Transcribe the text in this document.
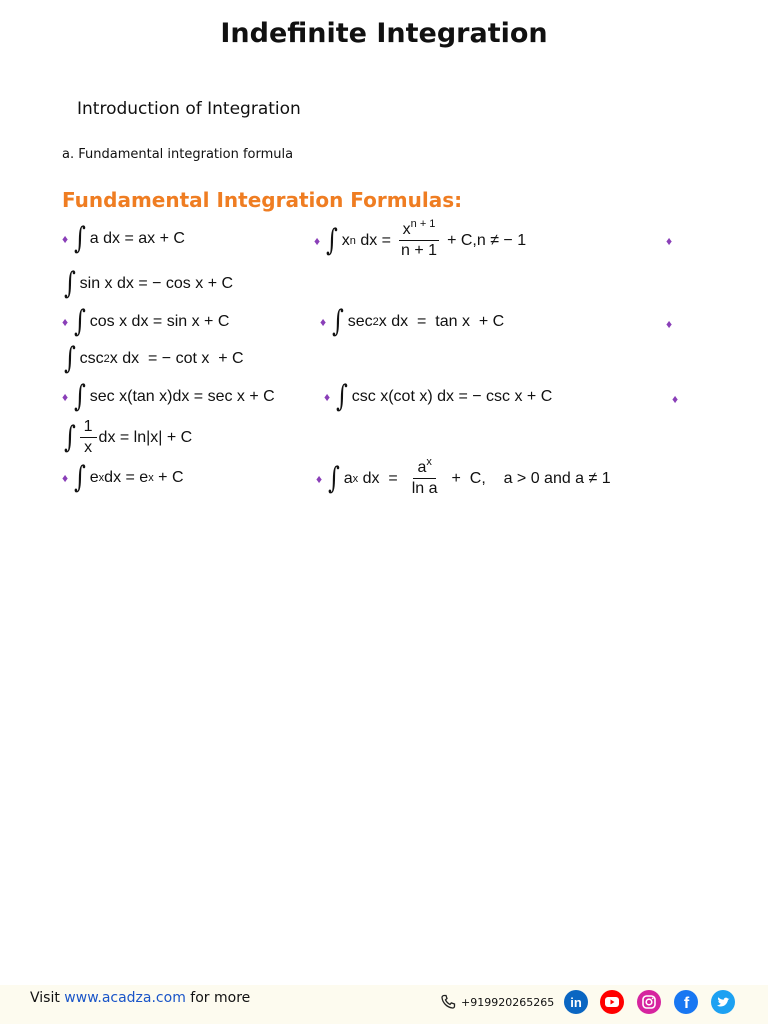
Indefinite Integration
Introduction of Integration
a. Fundamental integration formula
Fundamental Integration Formulas:
♦ ∫ a dx = ax + C	♦ ∫ x n dx = $\frac{x^{n + 1}}{n + 1} + C,n$ ≠ − 1	♦
∫ sin x dx = − cos x + C
♦ ∫ cos x dx = sin x + C	♦ ∫ sec 2 x dx  =  tan x  + C	♦
∫ csc 2 x dx  = − cot x  + C
♦ ∫ sec x(tan x)dx = sec x + C	♦ ∫ csc x(cot x) dx = − csc x + C	♦
∫ $\frac{1}{x}$ dx = ln|x| + C
♦ ∫ e x dx = e x + C	♦ ∫ a x dx  = $\frac{a^x}{\text{ln a}} + C$,    a > 0 and a ≠ 1
Visit www.acadza.com for more	+919920265265 in	f
